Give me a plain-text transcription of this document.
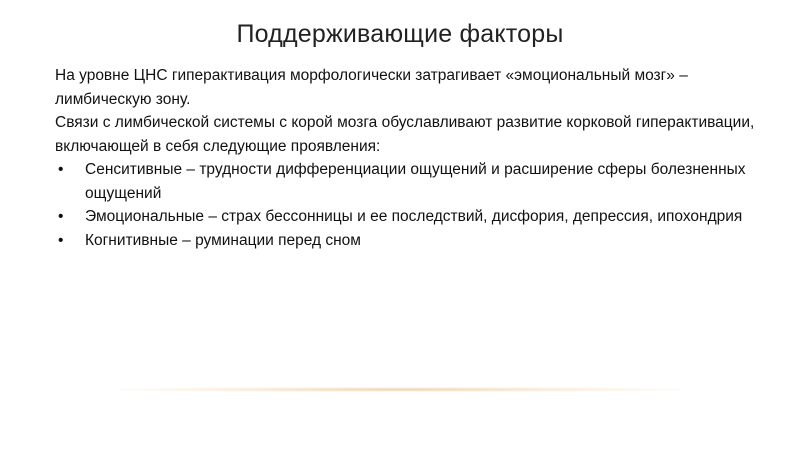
Поддерживающие факторы

На уровне ЦНС гиперактивация морфологически затрагивает «эмоциональный мозг» – лимбическую зону.

Связи с лимбической системы с корой мозга обуславливают развитие корковой гиперактивации, включающей в себя следующие проявления:

• Сенситивные – трудности дифференциации ощущений и расширение сферы болезненных ощущений
• Эмоциональные – страх бессонницы и ее последствий, дисфория, депрессия, ипохондрия
• Когнитивные – руминации перед сном
